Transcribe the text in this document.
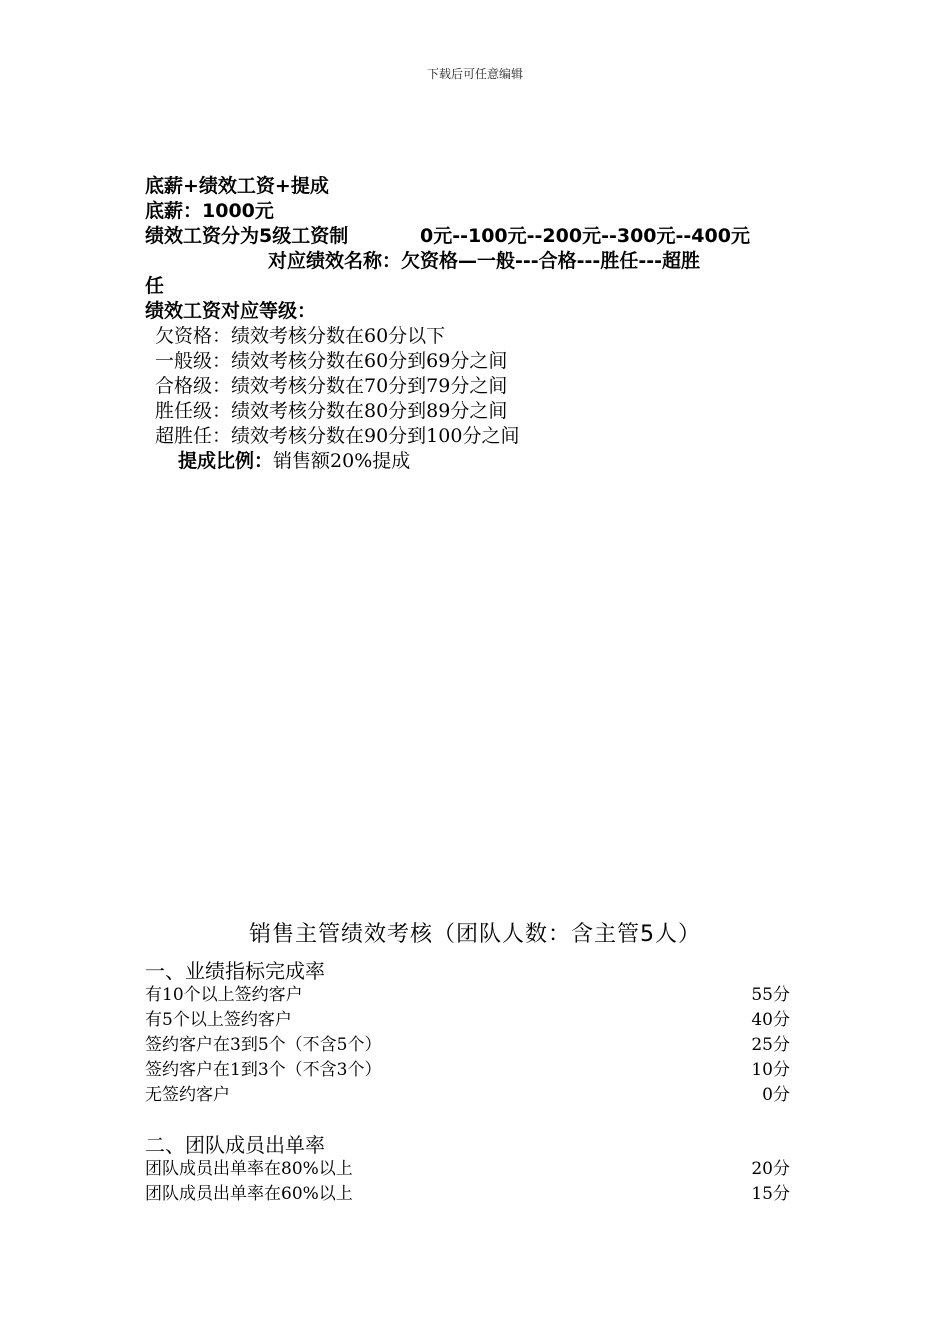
下载后可任意编辑
底薪+绩效工资+提成
底薪：1000元
绩效工资分为5级工资制	0元--100元--200元--300元--400元
对应绩效名称：欠资格—一般---合格---胜任---超胜
任
绩效工资对应等级：
欠资格：绩效考核分数在60分以下
一般级：绩效考核分数在60分到69分之间
合格级：绩效考核分数在70分到79分之间
胜任级：绩效考核分数在80分到89分之间
超胜任：绩效考核分数在90分到100分之间
提成比例：销售额20%提成
销售主管绩效考核（团队人数：含主管5人）
一、业绩指标完成率
有10个以上签约客户	55分
有5个以上签约客户	40分
签约客户在3到5个（不含5个）	25分
签约客户在1到3个（不含3个）	10分
无签约客户	0分
二、团队成员出单率
团队成员出单率在80%以上	20分
团队成员出单率在60%以上	15分
